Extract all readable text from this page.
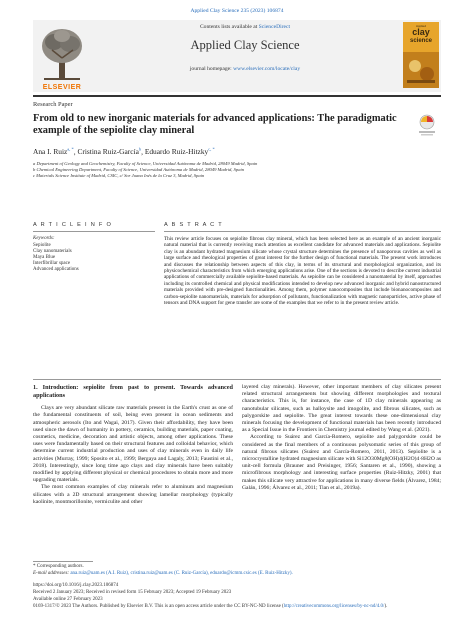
Applied Clay Science 235 (2023) 106874
ELSEVIER
Contents lists available at ScienceDirect
Applied Clay Science
journal homepage: www.elsevier.com/locate/clay
Applied
clay
science
Research Paper
From old to new inorganic materials for advanced applications: The paradigmatic example of the sepiolite clay mineral
Ana I. Ruiz$^{a, *}$, Cristina Ruiz-García$^b$, Eduardo Ruiz-Hitzky$^{c, *}$
a Department of Geology and Geochemistry, Faculty of Science, Universidad Autónoma de Madrid, 28049 Madrid, Spain
b Chemical Engineering Department, Faculty of Science, Universidad Autónoma de Madrid, 28049 Madrid, Spain
c Materials Science Institute of Madrid, CSIC, c/ Sor Juana Inés de la Cruz 3, Madrid, Spain
A R T I C L E I N F O	A B S T R A C T
Keywords:
Sepiolite
Clay nanomaterials
Maya Blue
Interfibrillar space
Advanced applications
This review article focuses on sepiolite fibrous clay mineral, which has been selected here as an example of an ancient inorganic natural material that is currently receiving much attention as excellent candidate for advanced materials and applications. Sepiolite clay is an abundant hydrated magnesium silicate whose crystal structure determines the presence of nanoporous cavities as well as large surface and rheological properties of great interest for the further design of functional materials. The present work introduces and discusses the relationship between aspects of this clay, in terms of its structural and morphological organization, and its physicochemical characteristics from which emerging applications arise. One of the sections is devoted to describe current industrial applications of commercially available sepiolite-based materials. As sepiolite can be considered a nanomaterial by itself, approaches including its controlled chemical and physical modifications intended to develop new advanced inorganic and hybrid nanostructured materials provided with pre-designed functionalities. Among them, polymer nanocomposites that include bionanocomposites and carbon-sepiolite nanomaterials, materials for adsorption of pollutants, functionalization with magnetic nanoparticles, active phase of tensors and DNA support for gene transfer are some of the examples that we refer to in the present review article.
1. Introduction: sepiolite from past to present. Towards advanced applications
Clays are very abundant silicate raw materials present in the Earth's crust as one of the fundamental constituents of soil, being even present in ocean sediments and atmospheric aerosols (Ito and Wagai, 2017). Given their affordability, they have been used since the dawn of humanity in pottery, ceramics, building materials, paper coating, cosmetics, medicine, decoration and artistic objects, among other applications. These uses were fundamentally based on their structural features and colloidal behavior, which determine current industrial production and uses of clay minerals even in daily life activities (Murray, 1999; Sposito et al., 1999; Bergaya and Lagaly, 2013; Faustini et al., 2018). Interestingly, since long time ago clays and clay minerals have been suitably modified by applying different physical or chemical procedures to obtain more and more upgrading materials.
The most common examples of clay minerals refer to aluminum and magnesium silicates with a 2D structural arrangement showing lamellar morphology (typically kaolinite, montmorillonite, vermiculite and other
layered clay minerals). However, other important members of clay silicates present related structural arrangements but showing different morphologies and textural characteristics. This is, for instance, the case of 1D clay minerals appearing as nanotubular silicates, such as halloysite and imogolite, and fibrous silicates, such as palygorskite and sepiolite. The great interest towards these one-dimensional clay minerals focusing the development of functional materials has been recently introduced as a Special Issue in the Frontiers in Chemistry journal edited by Wang et al. (2021).
According to Suárez and García-Romero, sepiolite and palygorskite could be considered as the final members of a continuous polysomatic series of this group of natural fibrous silicates (Suárez and García-Romero, 2011, 2013). Sepiolite is a microcrystalline hydrated magnesium silicate with Si12O30Mg8(OH)4(H2O)4·8H2O as unit-cell formula (Brauner and Preisinger, 1956; Santaren et al., 1990), showing a microfibrous morphology and interesting surface properties (Ruiz-Hitzky, 2001) that makes this silicate very attractive for applications in many diverse fields (Álvarez, 1984; Galán, 1996; Álvarez et al., 2011; Tian et al., 2019a).
* Corresponding authors.
E-mail addresses: ana.ruiz@uam.es (A.I. Ruiz), cristina.ruiz@uam.es (C. Ruiz-García), eduardo@icmm.csic.es (E. Ruiz-Hitzky).
https://doi.org/10.1016/j.clay.2023.106874
Received 2 January 2023; Received in revised form 15 February 2023; Accepted 19 February 2023
Available online 27 February 2023
0169-1317/© 2023 The Authors. Published by Elsevier B.V. This is an open access article under the CC BY-NC-ND license (http://creativecommons.org/licenses/by-nc-nd/4.0/).
